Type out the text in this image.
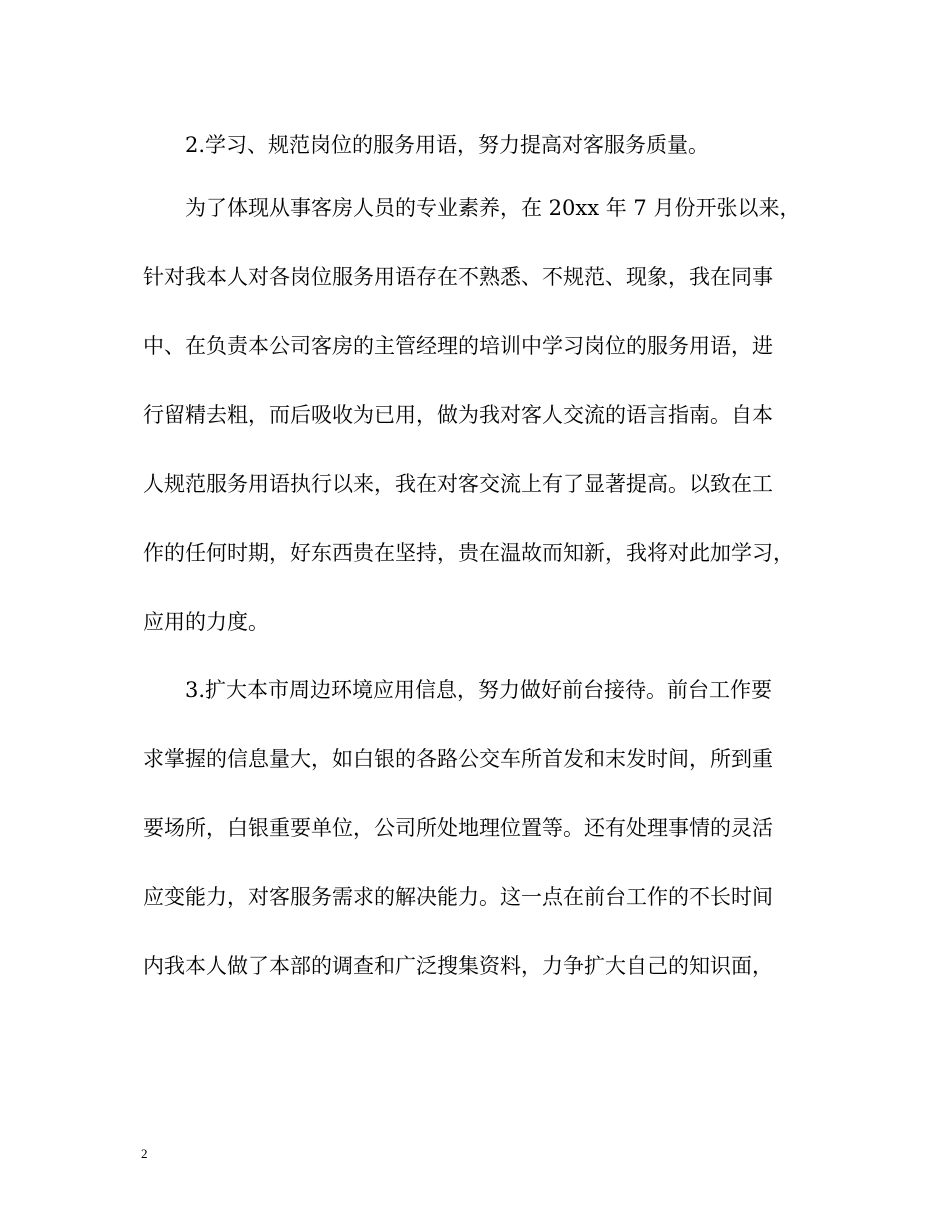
2.学习、规范岗位的服务用语，努力提高对客服务质量。
为了体现从事客房人员的专业素养，在 20xx 年 7 月份开张以来，
针对我本人对各岗位服务用语存在不熟悉、不规范、现象，我在同事
中、在负责本公司客房的主管经理的培训中学习岗位的服务用语，进
行留精去粗，而后吸收为已用，做为我对客人交流的语言指南。自本
人规范服务用语执行以来，我在对客交流上有了显著提高。以致在工
作的任何时期，好东西贵在坚持，贵在温故而知新，我将对此加学习，
应用的力度。
3.扩大本市周边环境应用信息，努力做好前台接待。前台工作要
求掌握的信息量大，如白银的各路公交车所首发和末发时间，所到重
要场所，白银重要单位，公司所处地理位置等。还有处理事情的灵活
应变能力，对客服务需求的解决能力。这一点在前台工作的不长时间
内我本人做了本部的调查和广泛搜集资料，力争扩大自己的知识面，
2
